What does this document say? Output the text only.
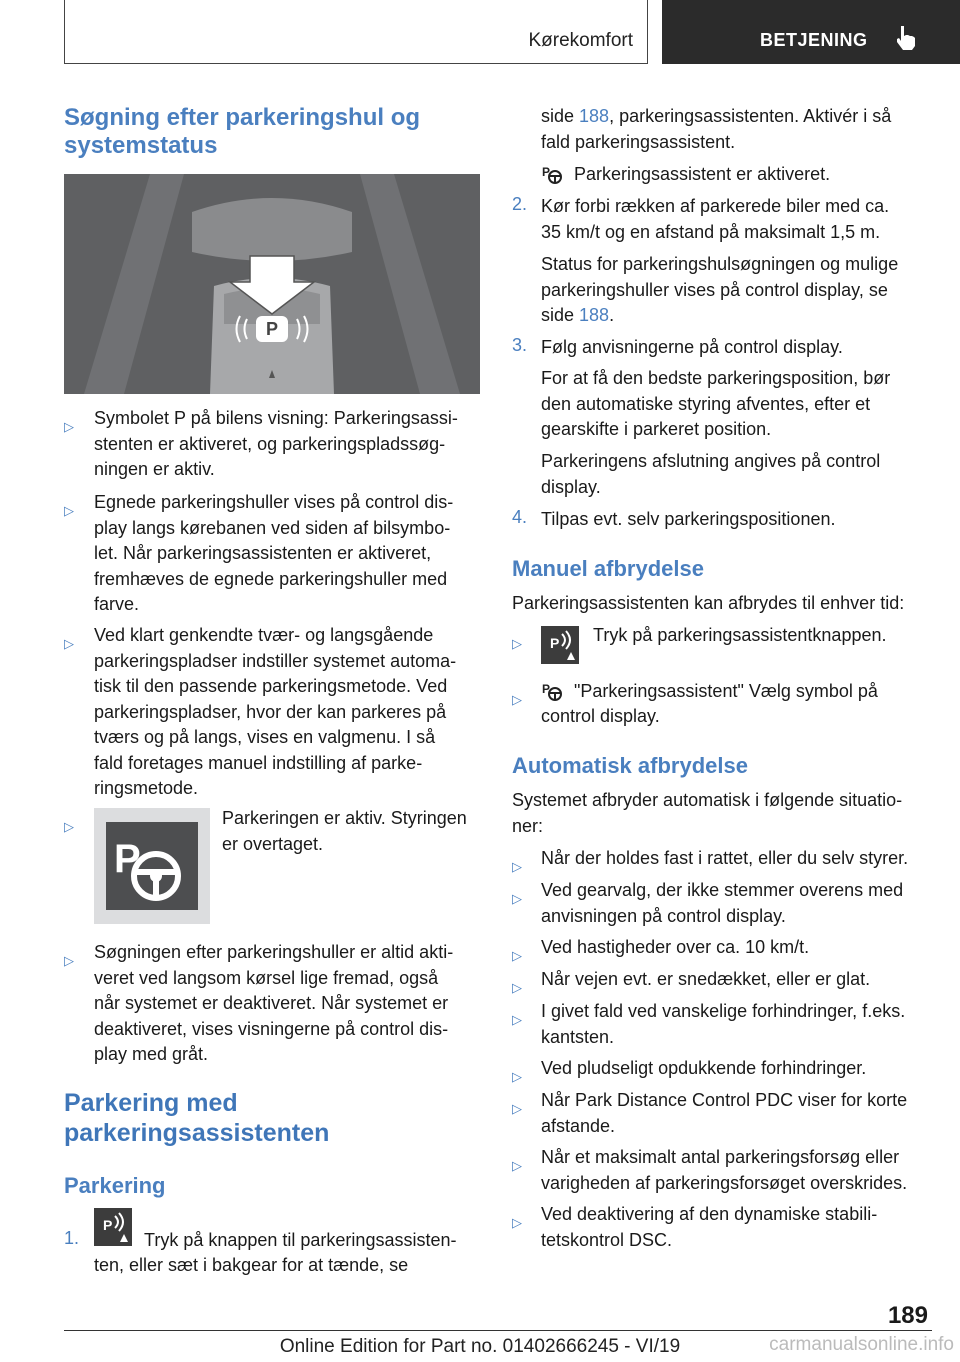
Kørekomfort	BETJENING
Søgning efter parkeringshul og
systemstatus
P
▷ Symbolet P på bilens visning: Parkeringsassi-
stenten er aktiveret, og parkeringspladssøg-
ningen er aktiv.
▷ Egnede parkeringshuller vises på control dis-
play langs kørebanen ved siden af bilsymbo-
let. Når parkeringsassistenten er aktiveret,
fremhæves de egnede parkeringshuller med
farve.
▷ Ved klart genkendte tvær- og langsgående
parkeringspladser indstiller systemet automa-
tisk til den passende parkeringsmetode. Ved
parkeringspladser, hvor der kan parkeres på
tværs og på langs, vises en valgmenu. I så
fald foretages manuel indstilling af parke-
ringsmetode.
▷
P
Parkeringen er aktiv. Styringen
er overtaget.
▷ Søgningen efter parkeringshuller er altid akti-
veret ved langsom kørsel lige fremad, også
når systemet er deaktiveret. Når systemet er
deaktiveret, vises visningerne på control dis-
play med gråt.
Parkering med
parkeringsassistenten
Parkering
1.
P
Tryk på knappen til parkeringsassisten-
ten, eller sæt i bakgear for at tænde, se
side 188, parkeringsassistenten. Aktivér i så
fald parkeringsassistent.
P Parkeringsassistent er aktiveret.
2. Kør forbi rækken af parkerede biler med ca.
35 km/t og en afstand på maksimalt 1,5 m.
Status for parkeringshulsøgningen og mulige
parkeringshuller vises på control display, se
side 188.
3. Følg anvisningerne på control display.
For at få den bedste parkeringsposition, bør
den automatiske styring afventes, efter et
gearskifte i parkeret position.
Parkeringens afslutning angives på control
display.
4. Tilpas evt. selv parkeringspositionen.
Manuel afbrydelse
Parkeringsassistenten kan afbrydes til enhver tid:
▷ P Tryk på parkeringsassistentknappen.
▷
P "Parkeringsassistent" Vælg symbol på
control display.
Automatisk afbrydelse
Systemet afbryder automatisk i følgende situatio-
ner:
▷ Når der holdes fast i rattet, eller du selv styrer.
▷ Ved gearvalg, der ikke stemmer overens med
anvisningen på control display.
▷ Ved hastigheder over ca. 10 km/t.
▷ Når vejen evt. er snedækket, eller er glat.
▷ I givet fald ved vanskelige forhindringer, f.eks.
kantsten.
▷ Ved pludseligt opdukkende forhindringer.
▷ Når Park Distance Control PDC viser for korte
afstande.
▷ Når et maksimalt antal parkeringsforsøg eller
varigheden af parkeringsforsøget overskrides.
▷ Ved deaktivering af den dynamiske stabili-
tetskontrol DSC.
189
Online Edition for Part no. 01402666245 - VI/19	carmanualsonline.info
